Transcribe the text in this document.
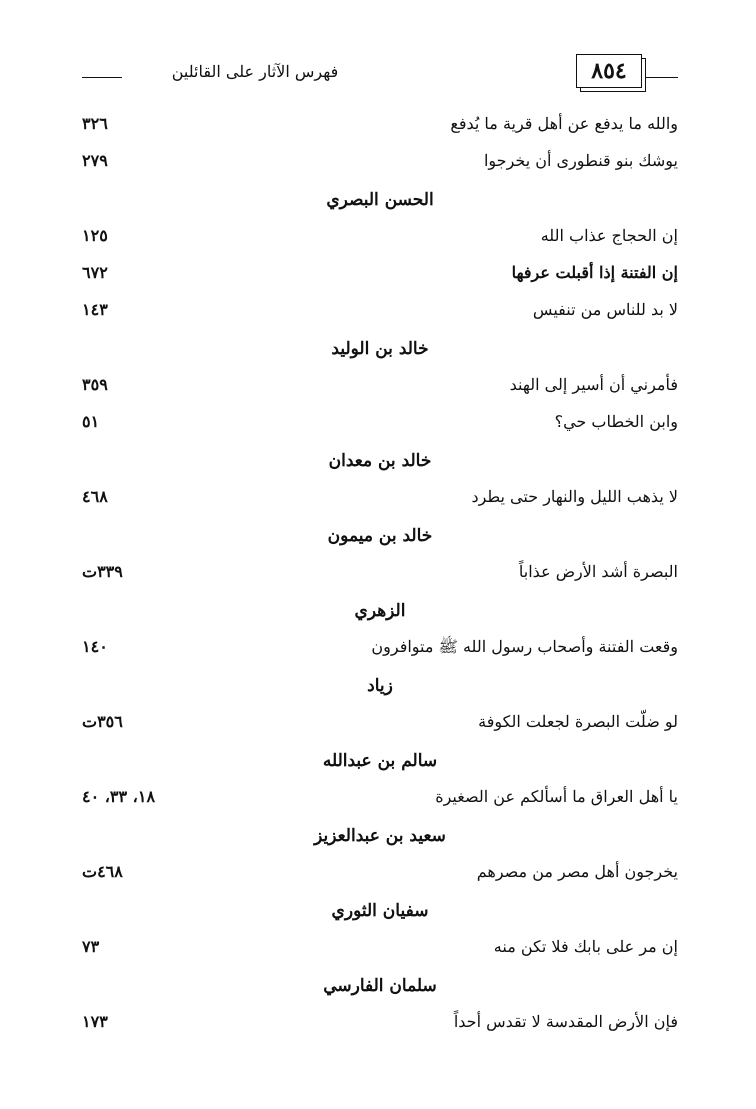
فهرس الآثار على القائلين	٨٥٤
والله ما يدفع عن أهل قرية ما يُدفع
٣٢٦
يوشك بنو قنطورى أن يخرجوا
٢٧٩
الحسن البصري
إن الحجاج عذاب الله
١٢٥
إن الفتنة إذا أقبلت عرفها
٦٧٢
لا بد للناس من تنفيس
١٤٣
خالد بن الوليد
فأمرني أن أسير إلى الهند
٣٥٩
وابن الخطاب حي؟
٥١
خالد بن معدان
لا يذهب الليل والنهار حتى يطرد
٤٦٨
خالد بن ميمون
البصرة أشد الأرض عذاباً
٣٣٩ت
الزهري
وقعت الفتنة وأصحاب رسول الله ﷺ متوافرون
١٤٠
زياد
لو ضلّت البصرة لجعلت الكوفة
٣٥٦ت
سالم بن عبدالله
يا أهل العراق ما أسألكم عن الصغيرة
١٨، ٣٣، ٤٠
سعيد بن عبدالعزيز
يخرجون أهل مصر من مصرهم
٤٦٨ت
سفيان الثوري
إن مر على بابك فلا تكن منه
٧٣
سلمان الفارسي
فإن الأرض المقدسة لا تقدس أحداً
١٧٣
